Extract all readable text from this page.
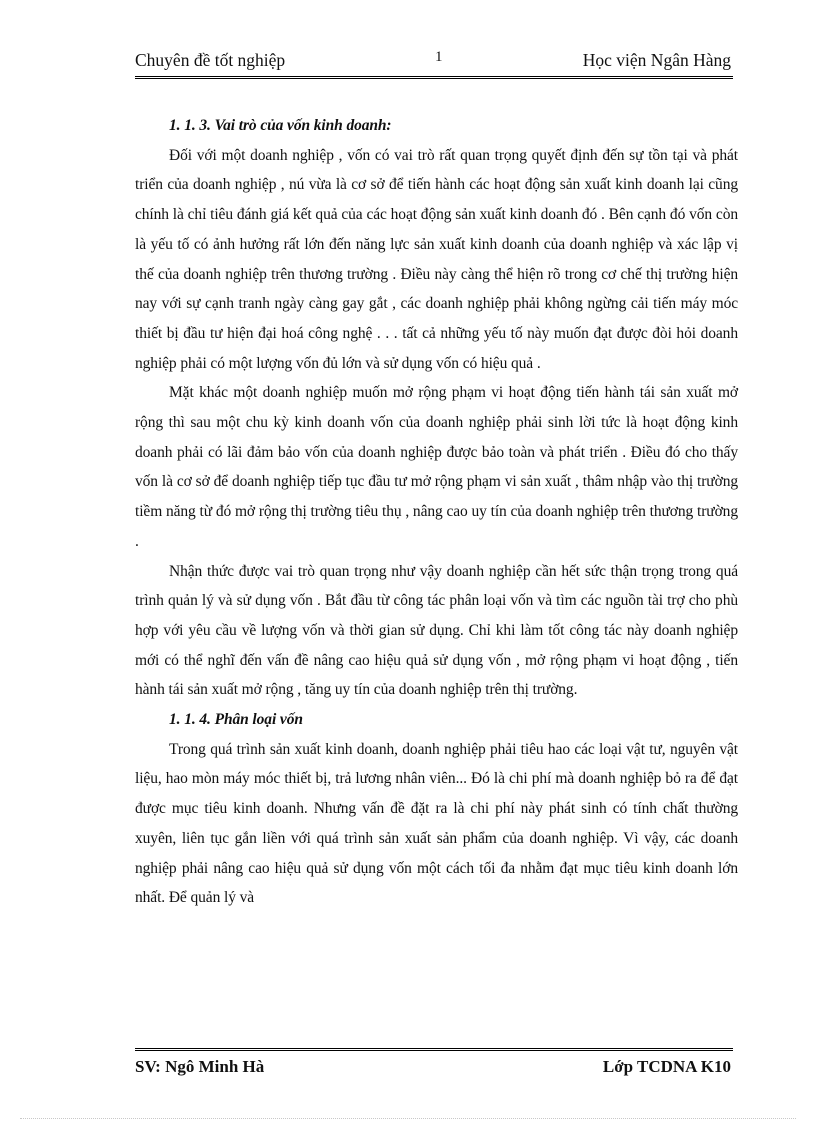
Chuyên đề tốt nghiệp	1	Học viện Ngân Hàng

1. 1. 3. Vai trò của vốn kinh doanh:

Đối với một doanh nghiệp , vốn có vai trò rất quan trọng quyết định đến sự tồn tại và phát triển của doanh nghiệp , nú vừa là cơ sở để tiến hành các hoạt động sản xuất kinh doanh lại cũng chính là chỉ tiêu đánh giá kết quả của các hoạt động sản xuất kinh doanh đó . Bên cạnh đó vốn còn là yếu tố có ảnh hưởng rất lớn đến năng lực sản xuất kinh doanh của doanh nghiệp và xác lập vị thế của doanh nghiệp trên thương trường . Điều này càng thể hiện rõ trong cơ chế thị trường hiện nay với sự cạnh tranh ngày càng gay gắt , các doanh nghiệp phải không ngừng cải tiến máy móc thiết bị đầu tư hiện đại hoá công nghệ . . . tất cả những yếu tố này muốn đạt được đòi hỏi doanh nghiệp phải có một lượng vốn đủ lớn và sử dụng vốn có hiệu quả .

Mặt khác một doanh nghiệp muốn mở rộng phạm vi hoạt động tiến hành tái sản xuất mở rộng thì sau một chu kỳ kinh doanh vốn của doanh nghiệp phải sinh lời tức là hoạt động kinh doanh phải có lãi đảm bảo vốn của doanh nghiệp được bảo toàn và phát triển . Điều đó cho thấy vốn là cơ sở để doanh nghiệp tiếp tục đầu tư mở rộng phạm vi sản xuất , thâm nhập vào thị trường tiềm năng từ đó mở rộng thị trường tiêu thụ , nâng cao uy tín của doanh nghiệp trên thương trường .

Nhận thức được vai trò quan trọng như vậy doanh nghiệp cần hết sức thận trọng trong quá trình quản lý và sử dụng vốn . Bắt đầu từ công tác phân loại vốn và tìm các nguồn tài trợ cho phù hợp với yêu cầu về lượng vốn và thời gian sử dụng. Chỉ khi làm tốt công tác này doanh nghiệp mới có thể nghĩ đến vấn đề nâng cao hiệu quả sử dụng vốn , mở rộng phạm vi hoạt động , tiến hành tái sản xuất mở rộng , tăng uy tín của doanh nghiệp trên thị trường.

1. 1. 4. Phân loại vốn

Trong quá trình sản xuất kinh doanh, doanh nghiệp phải tiêu hao các loại vật tư, nguyên vật liệu, hao mòn máy móc thiết bị, trả lương nhân viên... Đó là chi phí mà doanh nghiệp bỏ ra để đạt được mục tiêu kinh doanh. Nhưng vấn đề đặt ra là chi phí này phát sinh có tính chất thường xuyên, liên tục gắn liền với quá trình sản xuất sản phẩm của doanh nghiệp. Vì vậy, các doanh nghiệp phải nâng cao hiệu quả sử dụng vốn một cách tối đa nhằm đạt mục tiêu kinh doanh lớn nhất. Để quản lý và

SV: Ngô Minh Hà	Lớp TCDNA K10
